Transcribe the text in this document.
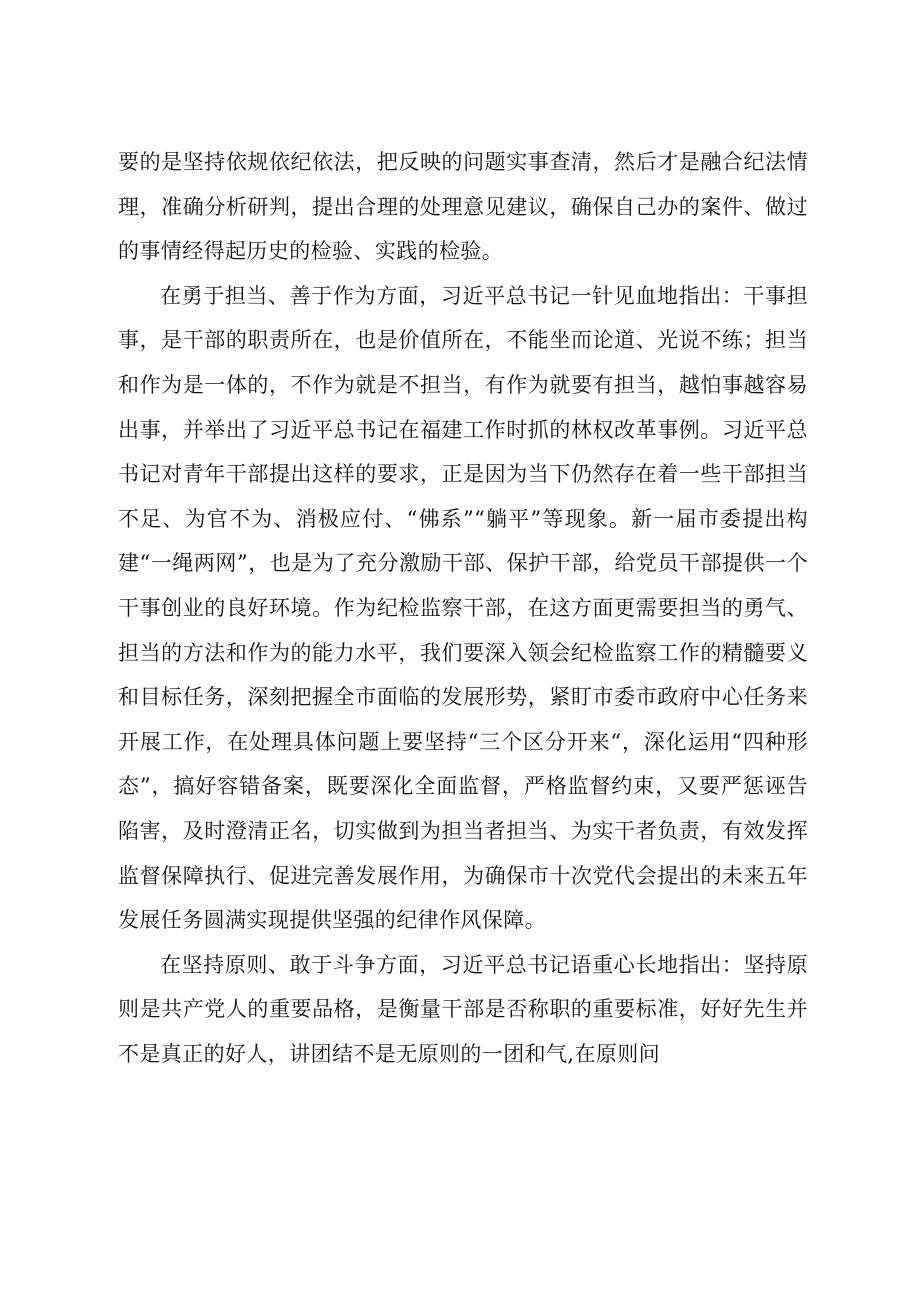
要的是坚持依规依纪依法，把反映的问题实事查清，然后才是融合纪法情理，准确分析研判，提出合理的处理意见建议，确保自己办的案件、做过的事情经得起历史的检验、实践的检验。

在勇于担当、善于作为方面，习近平总书记一针见血地指出：干事担事，是干部的职责所在，也是价值所在，不能坐而论道、光说不练；担当和作为是一体的，不作为就是不担当，有作为就要有担当，越怕事越容易出事，并举出了习近平总书记在福建工作时抓的林权改革事例。习近平总书记对青年干部提出这样的要求，正是因为当下仍然存在着一些干部担当不足、为官不为、消极应付、“佛系”“躺平”等现象。新一届市委提出构建“一绳两网”，也是为了充分激励干部、保护干部，给党员干部提供一个干事创业的良好环境。作为纪检监察干部，在这方面更需要担当的勇气、担当的方法和作为的能力水平，我们要深入领会纪检监察工作的精髓要义和目标任务，深刻把握全市面临的发展形势，紧盯市委市政府中心任务来开展工作，在处理具体问题上要坚持“三个区分开来“，深化运用“四种形态”，搞好容错备案，既要深化全面监督，严格监督约束，又要严惩诬告陷害，及时澄清正名，切实做到为担当者担当、为实干者负责，有效发挥监督保障执行、促进完善发展作用，为确保市十次党代会提出的未来五年发展任务圆满实现提供坚强的纪律作风保障。

在坚持原则、敢于斗争方面，习近平总书记语重心长地指出：坚持原则是共产党人的重要品格，是衡量干部是否称职的重要标准，好好先生并不是真正的好人，讲团结不是无原则的一团和气,在原则问
